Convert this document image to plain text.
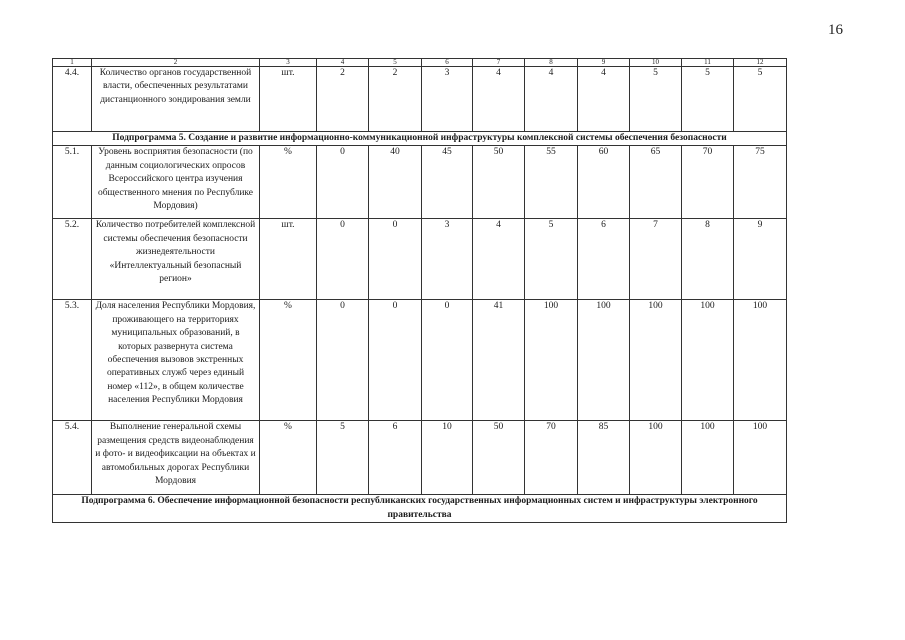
16
1	2	3	4	5	6	7	8	9	10	11	12
4.4.	Количество органов государственной власти, обеспеченных результатами дистанционного зондирования земли	шт.	2	2	3	4	4	4	5	5	5
Подпрограмма 5. Создание и развитие информационно-коммуникационной инфраструктуры комплексной системы обеспечения безопасности											
5.1.	Уровень восприятия безопасности (по данным социологических опросов Всероссийского центра изучения общественного мнения по Республике Мордовия)	%	0	40	45	50	55	60	65	70	75
5.2.	Количество потребителей комплексной системы обеспечения безопасности жизнедеятельности «Интеллектуальный безопасный регион»	шт.	0	0	3	4	5	6	7	8	9
5.3.	Доля населения Республики Мордовия, проживающего на территориях муниципальных образований, в которых развернута система обеспечения вызовов экстренных оперативных служб через единый номер «112», в общем количестве населения Республики Мордовия	%	0	0	0	41	100	100	100	100	100
5.4.	Выполнение генеральной схемы размещения средств видеонаблюдения и фото- и видеофиксации на объектах и автомобильных дорогах Республики Мордовия	%	5	6	10	50	70	85	100	100	100
Подпрограмма 6. Обеспечение информационной безопасности республиканских государственных информационных систем и инфраструктуры электронного правительства											
